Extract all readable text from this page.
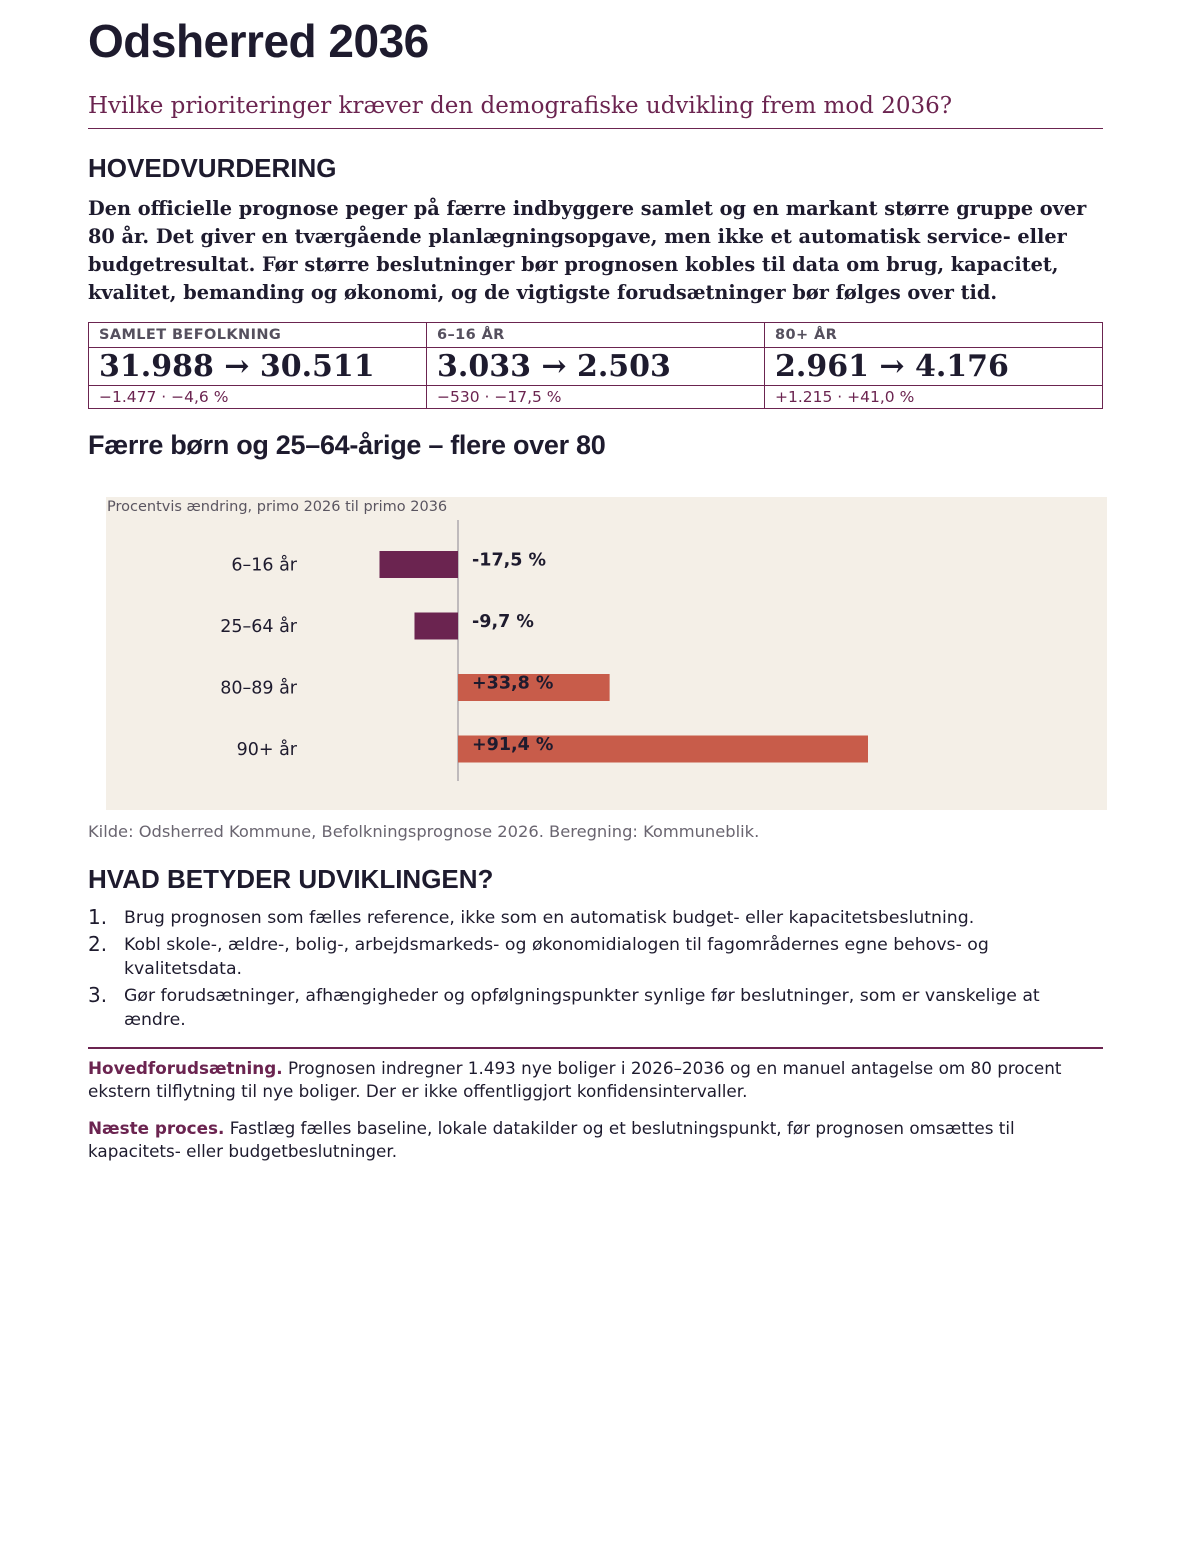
Odsherred 2036
Hvilke prioriteringer kræver den demografiske udvikling frem mod 2036?
HOVEDVURDERING

Den officielle prognose peger på færre indbyggere samlet og en markant større gruppe over 80 år. Det giver en tværgående planlægningsopgave, men ikke et automatisk service- eller budgetresultat. Før større beslutninger bør prognosen kobles til data om brug, kapacitet, kvalitet, bemanding og økonomi, og de vigtigste forudsætninger bør følges over tid.

SAMLET BEFOLKNING	6–16 ÅR	80+ ÅR
31.988 → 30.511	3.033 → 2.503	2.961 → 4.176
−1.477 · −4,6 %	−530 · −17,5 %	+1.215 · +41,0 %
Færre børn og 25–64-årige – flere over 80
Procentvis ændring, primo 2026 til primo 2036
6–16 år	-17,5 %
25–64 år	-9,7 %
80–89 år	+33,8 %
90+ år	+91,4 %
Kilde: Odsherred Kommune, Befolkningsprognose 2026. Beregning: Kommuneblik.
HVAD BETYDER UDVIKLINGEN?
1. Brug prognosen som fælles reference, ikke som en automatisk budget- eller kapacitetsbeslutning.
2. Kobl skole-, ældre-, bolig-, arbejdsmarkeds- og økonomidialogen til fagområdernes egne behovs- og kvalitetsdata.
3. Gør forudsætninger, afhængigheder og opfølgningspunkter synlige før beslutninger, som er vanskelige at ændre.

Hovedforudsætning. Prognosen indregner 1.493 nye boliger i 2026–2036 og en manuel antagelse om 80 procent ekstern tilflytning til nye boliger. Der er ikke offentliggjort konfidensintervaller.

Næste proces. Fastlæg fælles baseline, lokale datakilder og et beslutningspunkt, før prognosen omsættes til kapacitets- eller budgetbeslutninger.
